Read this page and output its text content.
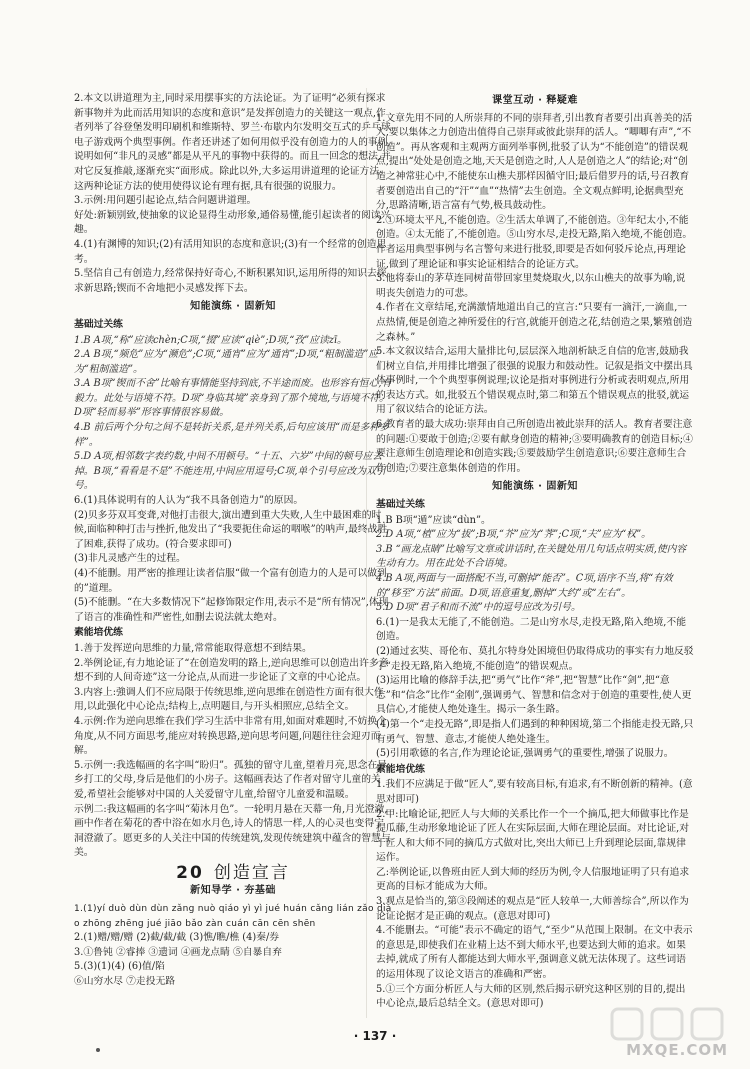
2.本文以讲道理为主,同时采用摆事实的方法论证。为了证明“必须有探求新事物并为此而活用知识的态度和意识”是发挥创造力的关键这一观点,作者列举了谷登堡发明印刷机和维斯特、罗兰·布歇内尔发明交互式的乒乓球电子游戏两个典型事例。作者还讲述了如何用似乎没有创造力的人的事例,说明如何“非凡的灵感”都是从平凡的事物中获得的。而且一回念的想法,并对它反复推敲,逐渐充实“面形成。除此以外,大多运用讲道理的论证方法。这两种论证方法的使用使得议论有理有据,具有很强的说服力。

3.示例:用问题引起论点,结合问题讲道理。

好处:新颖别致,使抽象的议论显得生动形象,通俗易懂,能引起读者的阅读兴趣。

4.(1)有渊博的知识;(2)有活用知识的态度和意识;(3)有一个经常的创造思考。

5.坚信自己有创造力,经常保持好奇心,不断积累知识,运用所得的知识去探求新思路;锲而不舍地把小灵感发挥下去。

知能演练 · 固新知
基础过关练

1.B A项,“称”应读chèn;C项,“掇”应读“qiè”;D项,“孜”应读zī。

2.A B项,“频危”应为“濒危”;C项,“通宵”应为“通宵”;D项,“粗制滥造”应为“粗制滥造”。

3.A B项“锲而不舍”比喻有事情能坚持到底,不半途而废。也形容有恒心,有毅力。此处与语境不符。D项“身临其境”亲身到了那个境地,与语境不符。D项“轻而易举”形容事情很容易做。

4.B 前后两个分句之间不是转折关系,是并列关系,后句应该用“而是多种多样”。

5.D A项,相邻数字表约数,中间不用顿号。“十五、六岁”中间的顿号应去掉。B项,“看看是不是”不能连用,中间应用逗号;C项,单个引号应改为双引号。

6.(1)具体说明有的人认为“我不具备创造力”的原因。

(2)贝多芬双耳变聋,对他打击很大,演出遭到重大失败,人生中最困难的时候,面临种种打击与挫折,他发出了“我要扼住命运的咽喉”的呐声,最终战胜了困难,获得了成功。(符合要求即可)

(3)非凡灵感产生的过程。

(4)不能删。用严密的推理让读者信服“做一个富有创造力的人是可以做到的”道理。

(5)不能删。“在大多数情况下”起修饰限定作用,表示不是“所有情况”,体现了语言的准确性和严密性,如删去说法就太绝对。

素能培优练

1.善于发挥逆向思维的力量,常常能取得意想不到结果。

2.举例论证,有力地论证了“在创造发明的路上,逆向思维可以创造出许多意想不到的人间奇迹”这一分论点,从而进一步论证了文章的中心论点。

3.内容上:強调人们不应局限于传统思维,逆向思维在创造性方面有很大作用,以此强化中心论点;结构上,点明题目,与开头相照应,总结全文。

4.示例:作为逆向思维在我们学习生活中非常有用,如面对难题时,不妨换个角度,从不同方面思考,能应对转换思路,逆向思考问题,问题往往会迎刃而解。

5.示例一:我选幅画的名字叫“盼归”。孤独的留守儿童,望着月亮,思念在异乡打工的父母,身后是他们的小房子。这幅画表达了作者对留守儿童的关爱,希望社会能够对中国的人关爱留守儿童,给留守儿童爱和温暖。

示例二:我这幅画的名字叫“菊沐月色”。一轮明月悬在天幕一角,月光澄澈,画中作者在菊花的香中浴在如水月色,诗人的情思一样,人的心灵也变得宁洞澄澈了。愿更多的人关注中国的传统建筑,发现传统建筑中蕴含的智慧与美。

20 创造宣言
新知导学 · 夯基础

1.(1)yí duò dùn dùn zǎng nuò qiáo yì yì jué huán cǎng lián zǎo diào zhōng zhēng jué jiāo bǎo zàn cuán cān cēn shēn

2.(1)赠/赠/赠 (2)截/截/截 (3)憔/瞧/樵 (4)秦/券

3.①鲁钝 ②睿捧 ③遗词 ④画龙点睛 ⑤自暴自弃

5.(3)(1)(4) (6)值/陷

⑥山穷水尽 ⑦走投无路

课堂互动 · 释疑难

1.文章先用不同的人所崇拜的不同的崇拜者,引出教育者要引出真善美的活人,要以集体之力创造出值得自己崇拜或彼此崇拜的活人。“唧唧有声”,“不创造”。再从客观和主观两方面列举事例,批驳了认为“不能创造”的错误观点,提出“处处是创造之地,天天是创造之时,人人是创造之人”的结论;对“创造之神常驻心中,不能使东山樵夫那样因循守旧;最后借罗丹的话,号召教育者要创造出自己的“汗”“血”“热情”去生创造。全文观点鲜明,论据典型充分,思路清晰,语言富有气势,极具鼓动性。

2.①环境太平凡,不能创造。②生活太单调了,不能创造。③年纪太小,不能创造。④太无能了,不能创造。⑤山穷水尽,走投无路,陷入绝境,不能创造。

作者运用典型事例与名言警句来进行批驳,即要是否如何驳斥论点,再理论证,做到了理论证和事实论证相结合的论证方式。

3.他将泰山的茅草连同树苗带回家里焚烧取火,以东山樵夫的故事为喻,说明丧失创造力的可悲。

4.作者在文章结尾,充满激情地道出自己的宣言:“只要有一滴汗,一滴血,一点热情,便是创造之神所爱住的行宫,就能开创造之花,结创造之果,繁殖创造之森林。”

5.本文叙议结合,运用大量排比句,层层深入地剖析缺乏自信的危害,鼓励我们树立自信,并用排比增强了很强的说服力和鼓动性。记叙是指文中摆出具体事例时,一个个典型事例说理;议论是指对事例进行分析或表明观点,所用的表达方式。如,批驳五个错误观点时,第二和第五个错误观点的批驳,就运用了叙议结合的论证方法。

6.教育者的最大成功:崇拜由自己所创造出被此崇拜的活人。教育者要注意的问题:①要敢于创造;②要有献身创造的精神;③要明确教育的创造目标;④要注意师生创造理论和创造实践;⑤要鼓励学生创造意识;⑥要注意师生合作创造;⑦要注意集体创造的作用。

知能演练 · 固新知
基础过关练

1.B B项“遁”应读“dùn”。

2.D A项,“植”应为“拔”;B项,“芥”应为“荠”;C项,“夫”应为“权”。

3.B “画龙点睛”比喻写文章或讲话时,在关键处用几句话点明实质,使内容生动有力。用在此处不合语境。

4.B A项,两面与一面搭配不当,可删掉“能否”。C项,语序不当,将“有效的”移至“方法”前面。D项,语意重复,删掉“大约”或“左右”。

5.D D项“君子和而不流”中的逗号应改为引号。

6.(1)一是我太无能了,不能创造。二是山穷水尽,走投无路,陷入绝境,不能创造。

(2)通过玄奘、哥伦布、莫扎尔特身处困境但仍取得成功的事实有力地反驳了“走投无路,陷入绝境,不能创造”的错误观点。

(3)运用比喻的修辞手法,把“勇气”比作“斧”,把“智慧”比作“剑”,把“意志”和“信念”比作“金刚”,强调勇气、智慧和信念对于创造的重要性,使人更具信心,才能使人绝处逢生。揭示一条生路。

(4)第一个“走投无路”,即是指人们遇到的种种困境,第二个指能走投无路,只有勇气、智慧、意志,才能使人绝处逢生。

(5)引用歌德的名言,作为理论论证,强调勇气的重要性,增强了说服力。

素能培优练

1.我们不应满足于做“匠人”,要有较高目标,有追求,有不断创新的精神。(意思对即可)

2.甲:比喻论证,把匠人与大师的关系比作一个一个摘瓜,把大师做事比作是提瓜藤,生动形象地论证了匠人在实际层面,大师在理论层面。对比论证,对于匠人和大师不同的摘瓜方式做对比,突出大师已上升到理论层面,靠规律运作。

乙:举例论证,以鲁班由匠人到大师的经历为例,令人信服地证明了只有追求更高的目标才能成为大师。

3.观点是恰当的,第③段阐述的观点是“匠人较单一,大师善综合”,所以作为论证论据才是正确的观点。(意思对即可)

4.不能删去。“可能”表示不确定的语气,“至少”从范围上限制。在文中表示的意思是,即使我们在业精上达不到大师水平,也要达到大师的追求。如果去掉,就成了所有人都能达到大师水平,强调意义就无法体现了。这些词语的运用体现了议论文语言的准确和严密。

5.①三个方面分析匠人与大师的区别,然后揭示研究这种区别的目的,提出中心论点,最后总结全文。(意思对即可)

· 137 ·
MXQE.COM
